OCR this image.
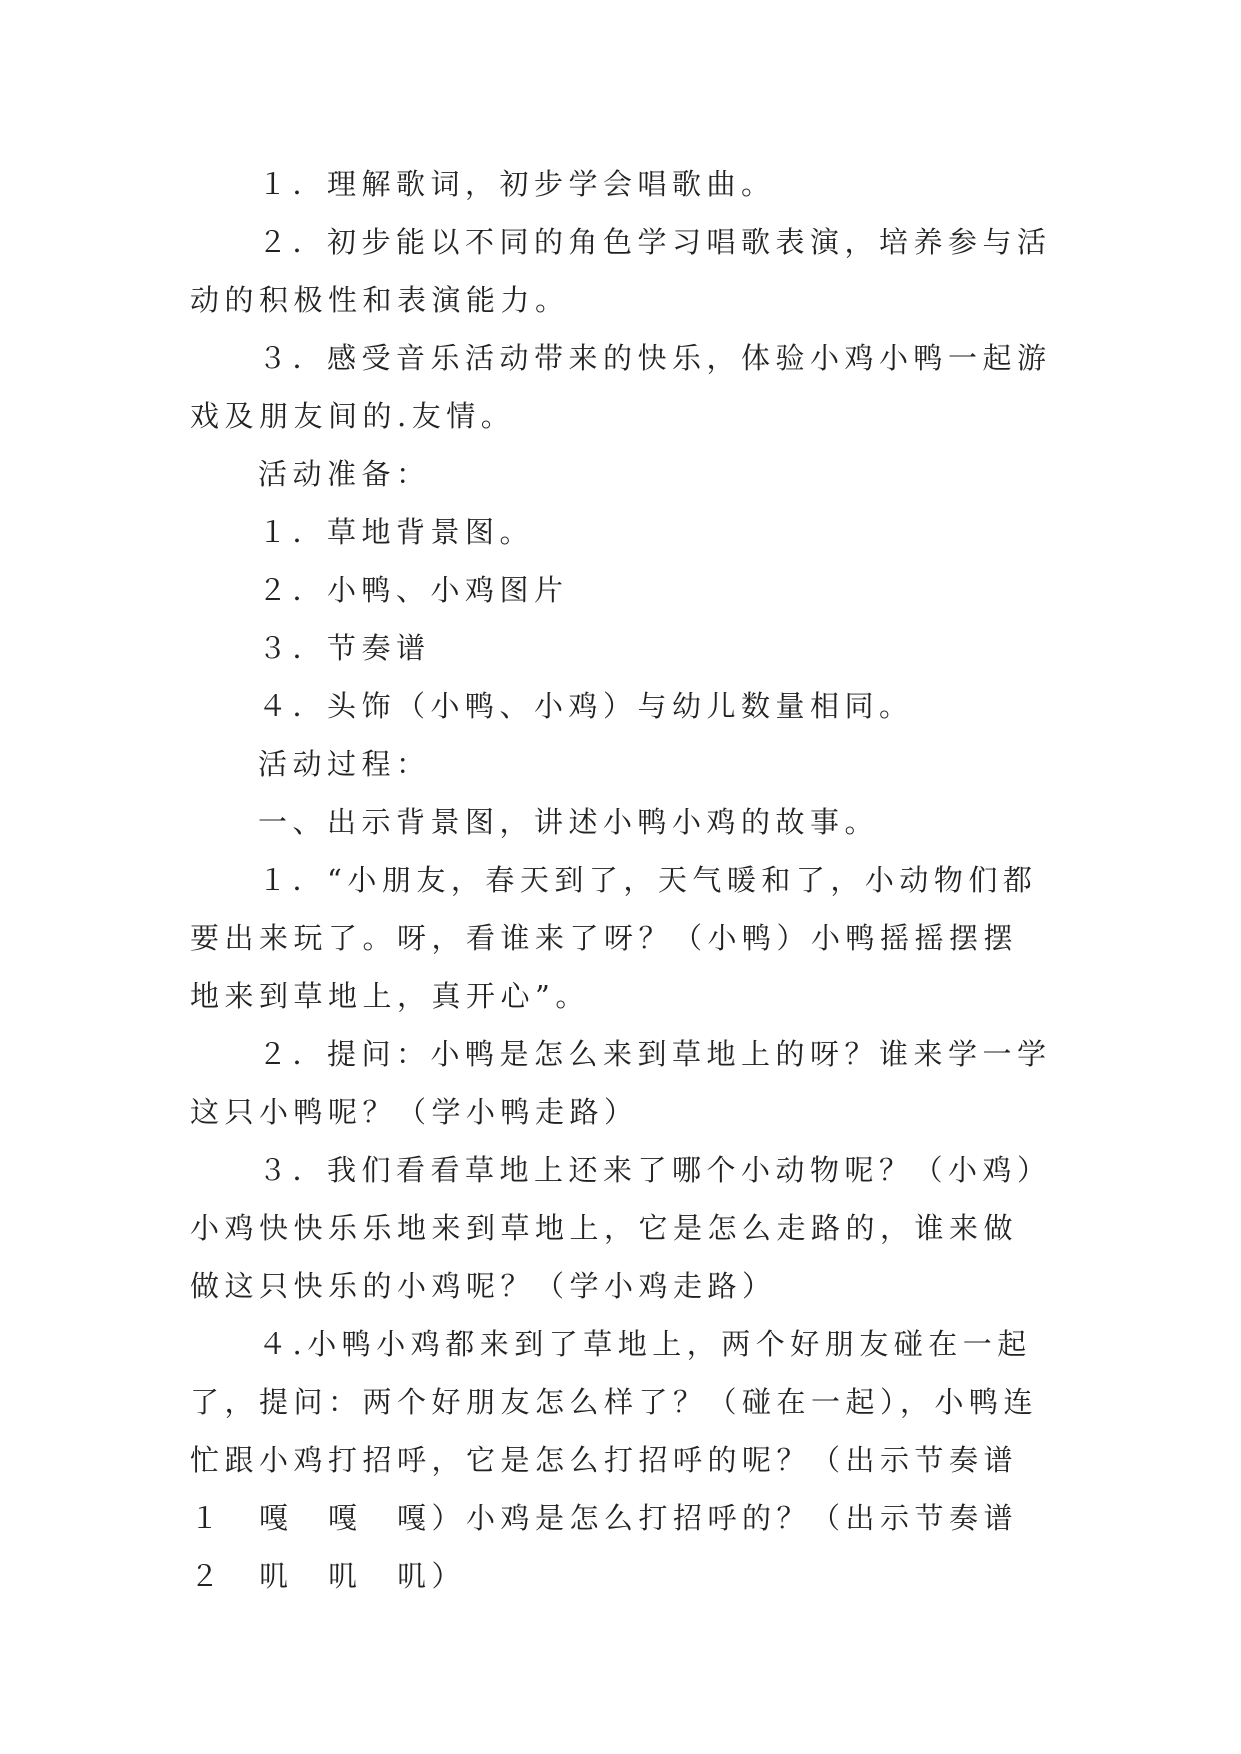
１．理解歌词，初步学会唱歌曲。

２．初步能以不同的角色学习唱歌表演，培养参与活动的积极性和表演能力。

３．感受音乐活动带来的快乐，体验小鸡小鸭一起游戏及朋友间的.友情。

活动准备：

１．草地背景图。

２．小鸭、小鸡图片

３．节奏谱

４．头饰（小鸭、小鸡）与幼儿数量相同。

活动过程：

一、出示背景图，讲述小鸭小鸡的故事。

１．“小朋友，春天到了，天气暖和了，小动物们都要出来玩了。呀，看谁来了呀？（小鸭）小鸭摇摇摆摆地来到草地上，真开心”。

２．提问：小鸭是怎么来到草地上的呀？谁来学一学这只小鸭呢？（学小鸭走路）

３．我们看看草地上还来了哪个小动物呢？（小鸡）小鸡快快乐乐地来到草地上，它是怎么走路的，谁来做做这只快乐的小鸡呢？（学小鸡走路）

４.小鸭小鸡都来到了草地上，两个好朋友碰在一起了，提问：两个好朋友怎么样了？（碰在一起），小鸭连忙跟小鸡打招呼，它是怎么打招呼的呢？（出示节奏谱１　嘎　嘎　嘎）小鸡是怎么打招呼的？（出示节奏谱２　叽　叽　叽）
